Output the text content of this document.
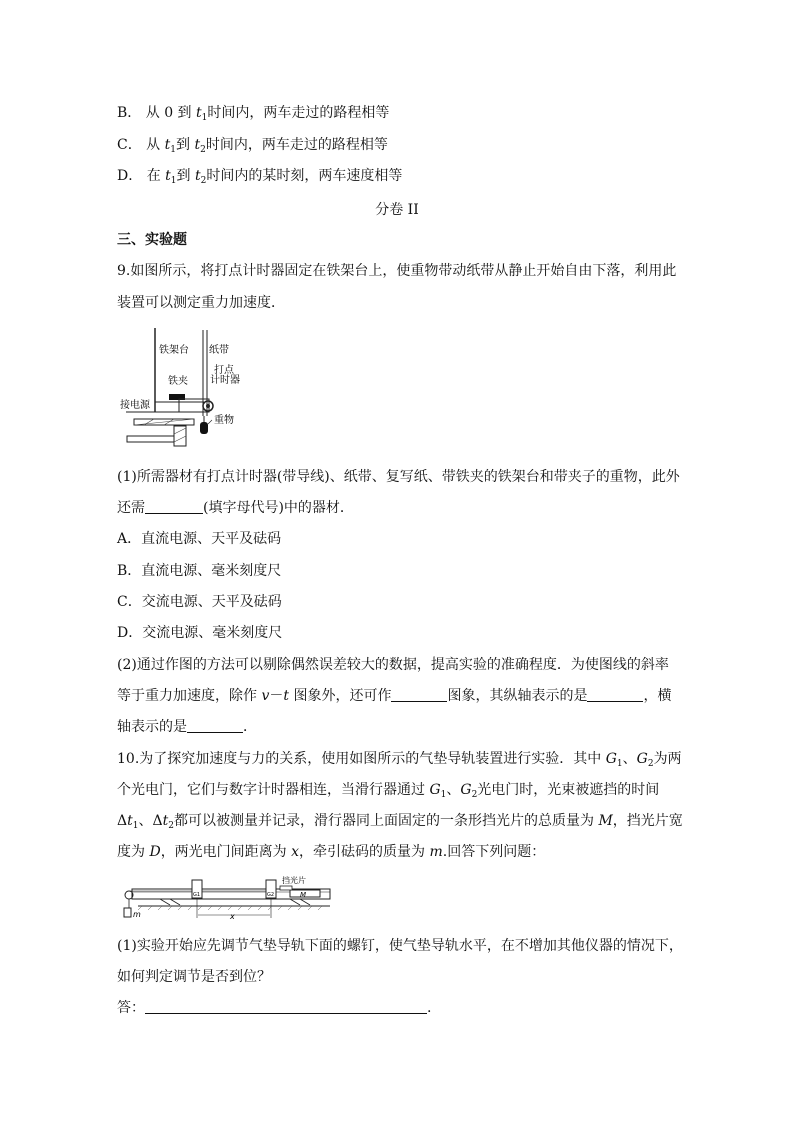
B． 从 0 到 $t_1$时间内，两车走过的路程相等
C． 从 $t_1$到 $t_2$时间内，两车走过的路程相等
D． 在 $t_1$到 $t_2$时间内的某时刻，两车速度相等
分卷 II
三、实验题
9.如图所示，将打点计时器固定在铁架台上，使重物带动纸带从静止开始自由下落，利用此
装置可以测定重力加速度．
铁架台 纸带
打点
计时器
铁夹
接电源
重物
(1)所需器材有打点计时器(带导线)、纸带、复写纸、带铁夹的铁架台和带夹子的重物，此外
还需	(填字母代号)中的器材．
A．直流电源、天平及砝码
B．直流电源、毫米刻度尺
C．交流电源、天平及砝码
D．交流电源、毫米刻度尺
(2)通过作图的方法可以剔除偶然误差较大的数据，提高实验的准确程度．为使图线的斜率
等于重力加速度，除作 v－t 图象外，还可作	图象，其纵轴表示的是	，横
轴表示的是	．
10.为了探究加速度与力的关系，使用如图所示的气垫导轨装置进行实验．其中 $G_1$、$G_2$为两
个光电门，它们与数字计时器相连，当滑行器通过 $G_1$、$G_2$光电门时，光束被遮挡的时间
$\Delta t_1$、$\Delta t_2$都可以被测量并记录，滑行器同上面固定的一条形挡光片的总质量为 M，挡光片宽
度为 D，两光电门间距离为 x，牵引砝码的质量为 m.回答下列问题：
m
G1	G2	M
挡光片
x
(1)实验开始应先调节气垫导轨下面的螺钉，使气垫导轨水平，在不增加其他仪器的情况下，
如何判定调节是否到位？
答：	.
